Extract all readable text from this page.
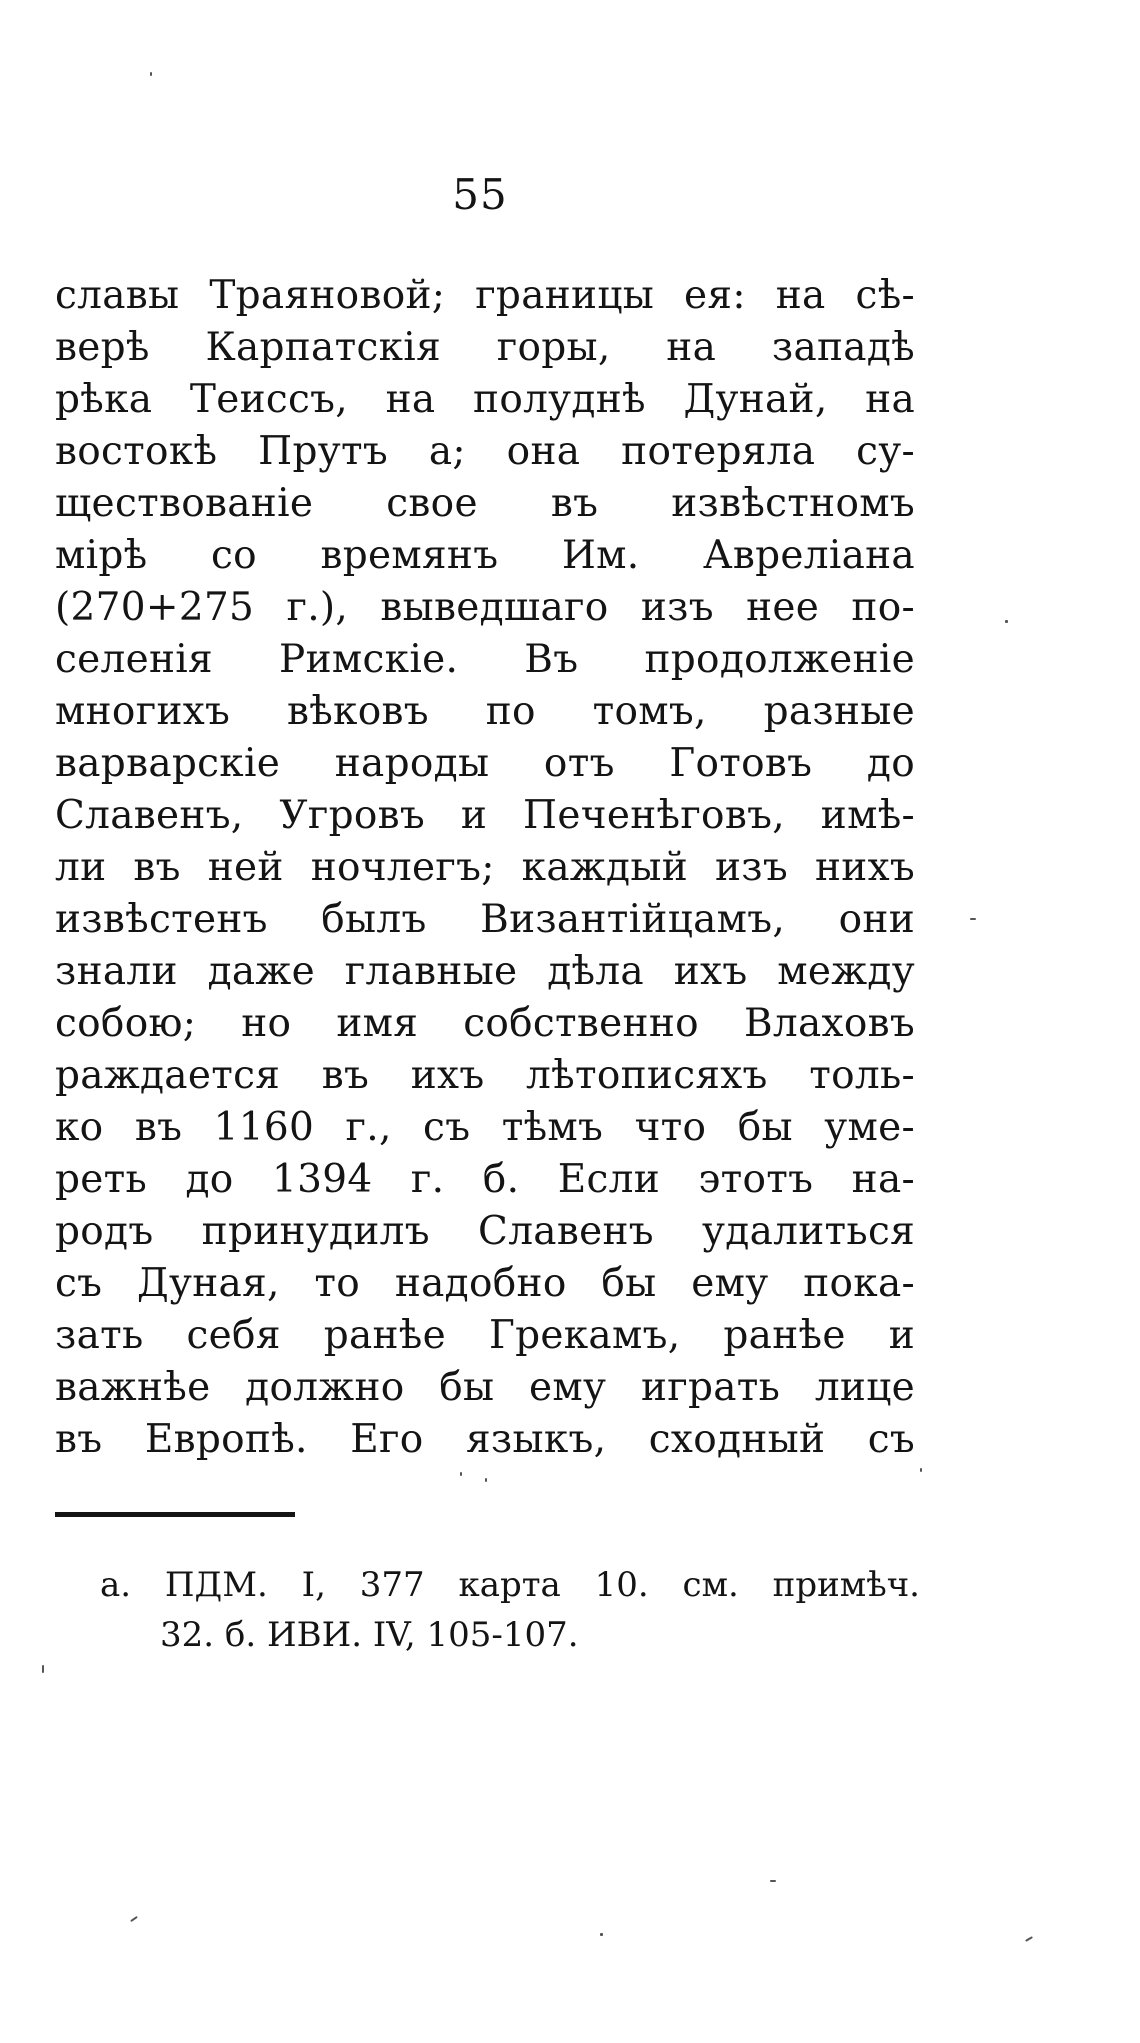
55
славы Траяновой; границы ея: на сѣ-
верѣ Карпатскія горы, на западѣ
рѣка Теиссъ, на полуднѣ Дунай, на
востокѣ Прутъ a; она потеряла су-
ществованіе свое въ извѣстномъ
мірѣ со времянъ Им. Авреліана
(270+275 г.), выведшаго изъ нее по-
селенія Римскіе. Въ продолженіе
многихъ вѣковъ по томъ, разные
варварскіе народы отъ Готовъ до
Славенъ, Угровъ и Печенѣговъ, имѣ-
ли въ ней ночлегъ; каждый изъ нихъ
извѣстенъ былъ Византійцамъ, они
знали даже главные дѣла ихъ между
собою; но имя собственно Влаховъ
раждается въ ихъ лѣтописяхъ толь-
ко въ 1160 г., съ тѣмъ что бы уме-
реть до 1394 г. б. Если этотъ на-
родъ принудилъ Славенъ удалиться
съ Дуная, то надобно бы ему пока-
зать себя ранѣе Грекамъ, ранѣе и
важнѣе должно бы ему играть лице
въ Европѣ. Его языкъ, сходный съ
a. ПДМ. I, 377 карта 10. см. примѣч.
32. б. ИВИ. IV, 105-107.
